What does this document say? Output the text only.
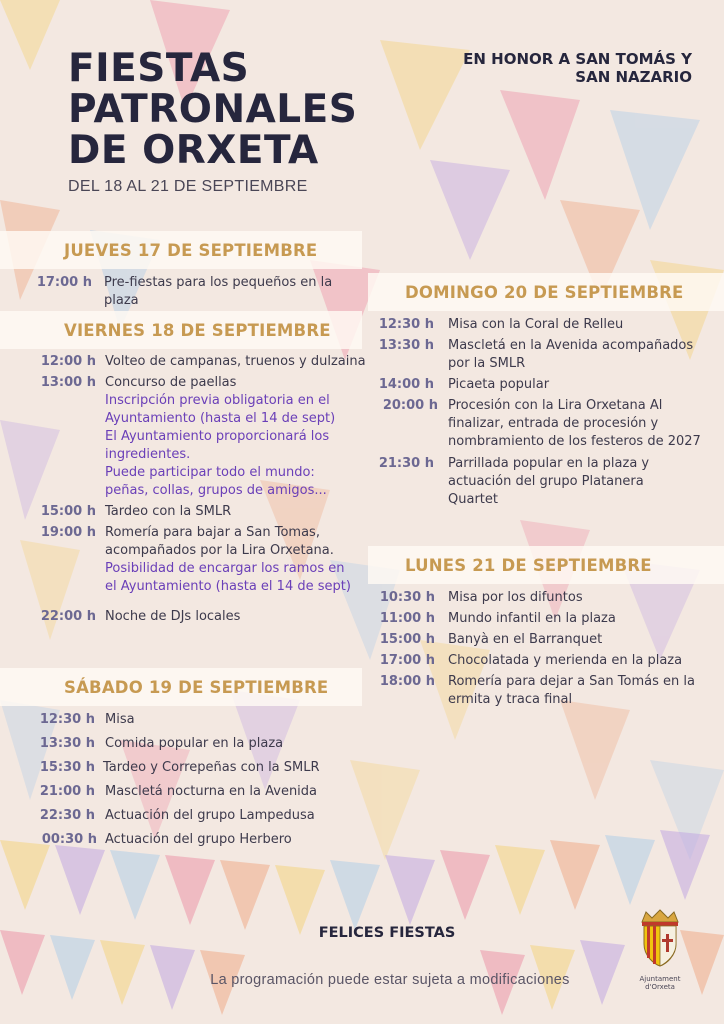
FIESTAS
PATRONALES
DE ORXETA
EN HONOR A SAN TOMÁS Y
SAN NAZARIO
DEL 18 AL 21 DE SEPTIEMBRE
JUEVES 17 DE SEPTIEMBRE
17:00 h Pre-fiestas para los pequeños en la plaza
VIERNES 18 DE SEPTIEMBRE
12:00 h Volteo de campanas, truenos y dulzaina
13:00 h Concurso de paellas
Inscripción previa obligatoria en el Ayuntamiento (hasta el 14 de sept)
El Ayuntamiento proporcionará los ingredientes.
Puede participar todo el mundo: peñas, collas, grupos de amigos...
15:00 h Tardeo con la SMLR
19:00 h Romería para bajar a San Tomas, acompañados por la Lira Orxetana.
Posibilidad de encargar los ramos en el Ayuntamiento (hasta el 14 de sept)
22:00 h Noche de DJs locales
SÁBADO 19 DE SEPTIEMBRE
12:30 h Misa
13:30 h Comida popular en la plaza
15:30 h Tardeo y Correpeñas con la SMLR
21:00 h Mascletá nocturna en la Avenida
22:30 h Actuación del grupo Lampedusa
00:30 h Actuación del grupo Herbero
DOMINGO 20 DE SEPTIEMBRE
12:30 h Misa con la Coral de Relleu
13:30 h Mascletá en la Avenida acompañados por la SMLR
14:00 h Picaeta popular
20:00 h Procesión con la Lira Orxetana Al finalizar, entrada de procesión y nombramiento de los festeros de 2027
21:30 h Parrillada popular en la plaza y actuación del grupo Platanera Quartet
LUNES 21 DE SEPTIEMBRE
10:30 h Misa por los difuntos
11:00 h Mundo infantil en la plaza
15:00 h Banyà en el Barranquet
17:00 h Chocolatada y merienda en la plaza
18:00 h Romería para dejar a San Tomás en la ermita y traca final
FELICES FIESTAS
La programación puede estar sujeta a modificaciones	Ajuntament
d'Orxeta
